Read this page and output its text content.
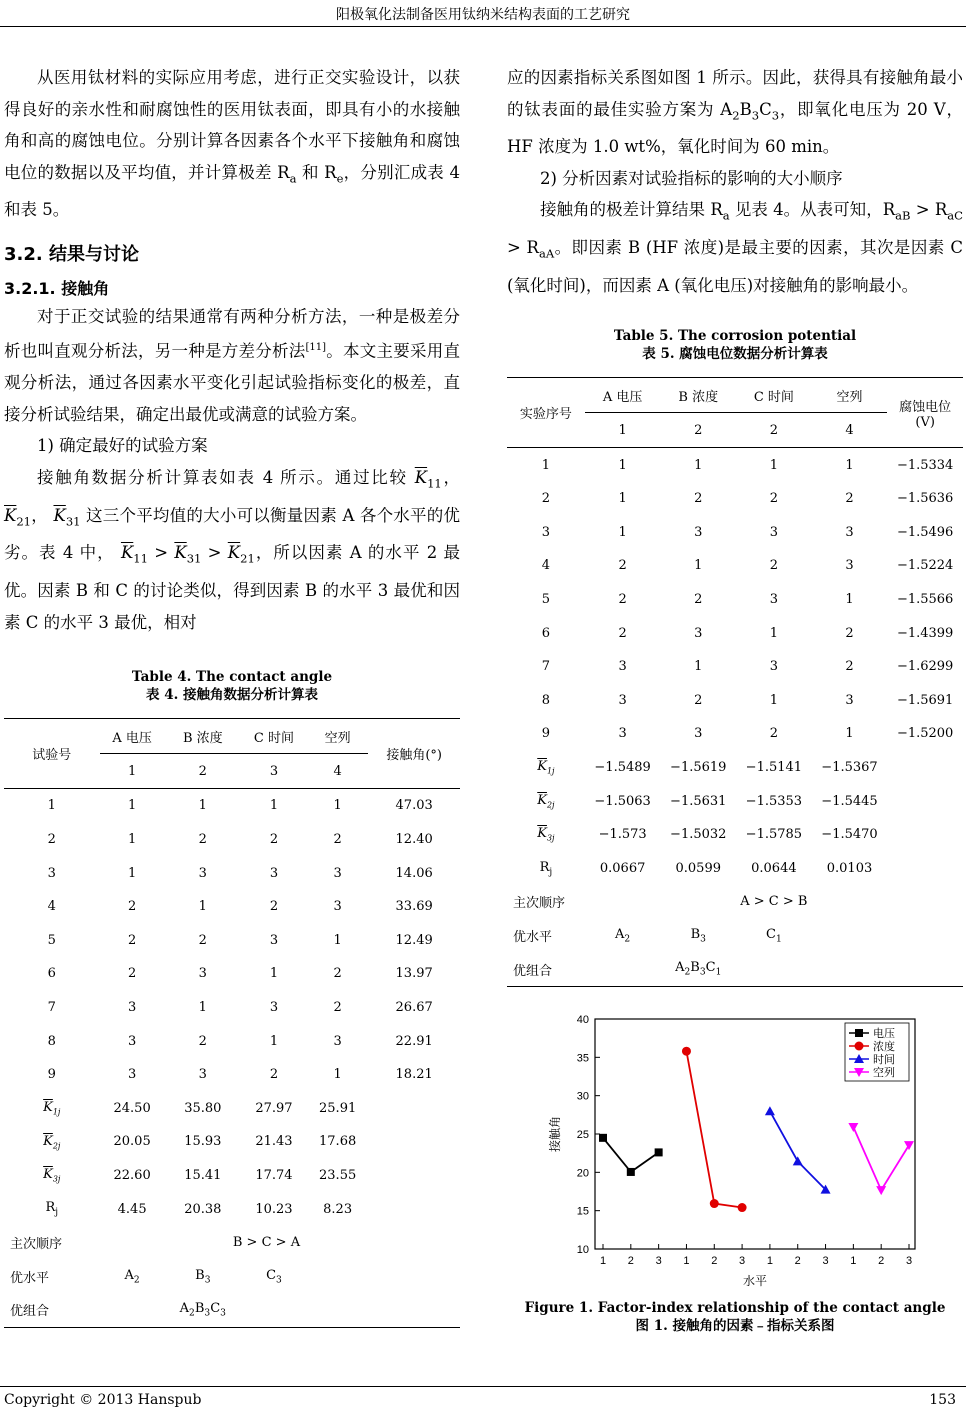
阳极氧化法制备医用钛纳米结构表面的工艺研究

从医用钛材料的实际应用考虑，进行正交实验设计，以获得良好的亲水性和耐腐蚀性的医用钛表面，即具有小的水接触角和高的腐蚀电位。分别计算各因素各个水平下接触角和腐蚀电位的数据以及平均值，并计算极差 $R_a$ 和 $R_e$，分别汇成表 4 和表 5。

3.2. 结果与讨论
3.2.1. 接触角

对于正交试验的结果通常有两种分析方法，一种是极差分析也叫直观分析法，另一种是方差分析法[11]。本文主要采用直观分析法，通过各因素水平变化引起试验指标变化的极差，直接分析试验结果，确定出最优或满意的试验方案。

1) 确定最好的试验方案

接触角数据分析计算表如表 4 所示。通过比较 $\overline{K}_{11}$， $\overline{K}_{21}$， $\overline{K}_{31}$ 这三个平均值的大小可以衡量因素 A 各个水平的优劣。表 4 中， $\overline{K}_{11} > \overline{K}_{31} > \overline{K}_{21}$，所以因素 A 的水平 2 最优。因素 B 和 C 的讨论类似，得到因素 B 的水平 3 最优和因素 C 的水平 3 最优，相对

Table 4. The contact angle
表 4. 接触角数据分析计算表
试验号	A 电压	B 浓度	C 时间	空列	接触角(°)
	1	2	3	4	
1	1	1	1	1	47.03
2	1	2	2	2	12.40
3	1	3	3	3	14.06
4	2	1	2	3	33.69
5	2	2	3	1	12.49
6	2	3	1	2	13.97
7	3	1	3	2	26.67
8	3	2	1	3	22.91
9	3	3	2	1	18.21
$\overline{K}_{1j}$	24.50	35.80	27.97	25.91	
$\overline{K}_{2j}$	20.05	15.93	21.43	17.68	
$\overline{K}_{3j}$	22.60	15.41	17.74	23.55	
$R_j$	4.45	20.38	10.23	8.23	
主次顺序		B > C > A			
优水平	$A_2$	$B_3$	$C_3$	
优组合		$A_2B_3C_3$	

应的因素指标关系图如图 1 所示。因此，获得具有接触角最小的钛表面的最佳实验方案为 $A_2B_3C_3$，即氧化电压为 20 V，HF 浓度为 1.0 wt%，氧化时间为 60 min。

2) 分析因素对试验指标的影响的大小顺序

接触角的极差计算结果 $R_a$ 见表 4。从表可知，$R_{aB} > R_{aC} > R_{aA}$。即因素 B (HF 浓度)是最主要的因素，其次是因素 C (氧化时间)，而因素 A (氧化电压)对接触角的影响最小。

Table 5. The corrosion potential
表 5. 腐蚀电位数据分析计算表
实验序号	A 电压	B 浓度	C 时间	空列	腐蚀电位
(V)

	1	2	2	4	
1	1	1	1	1	−1.5334
2	1	2	2	2	−1.5636
3	1	3	3	3	−1.5496
4	2	1	2	3	−1.5224
5	2	2	3	1	−1.5566
6	2	3	1	2	−1.4399
7	3	1	3	2	−1.6299
8	3	2	1	3	−1.5691
9	3	3	2	1	−1.5200
$\overline{K}_{1j}$	−1.5489	−1.5619	−1.5141	−1.5367	
$\overline{K}_{2j}$	−1.5063	−1.5631	−1.5353	−1.5445	
$\overline{K}_{3j}$	−1.573	−1.5032	−1.5785	−1.5470	
$R_j$	0.0667	0.0599	0.0644	0.0103	
主次顺序		A > C > B			
优水平	$A_2$	$B_3$	$C_1$	
优组合		$A_2B_3C_1$	
10
15
20
25
30
35
40
1 2 3 1 2 3 1 2 3 1 2 3
水平
接触角
电压
浓度
时间
空列
Figure 1. Factor-index relationship of the contact angle
图 1. 接触角的因素﹣指标关系图
Copyright © 2013 Hanspub	153
